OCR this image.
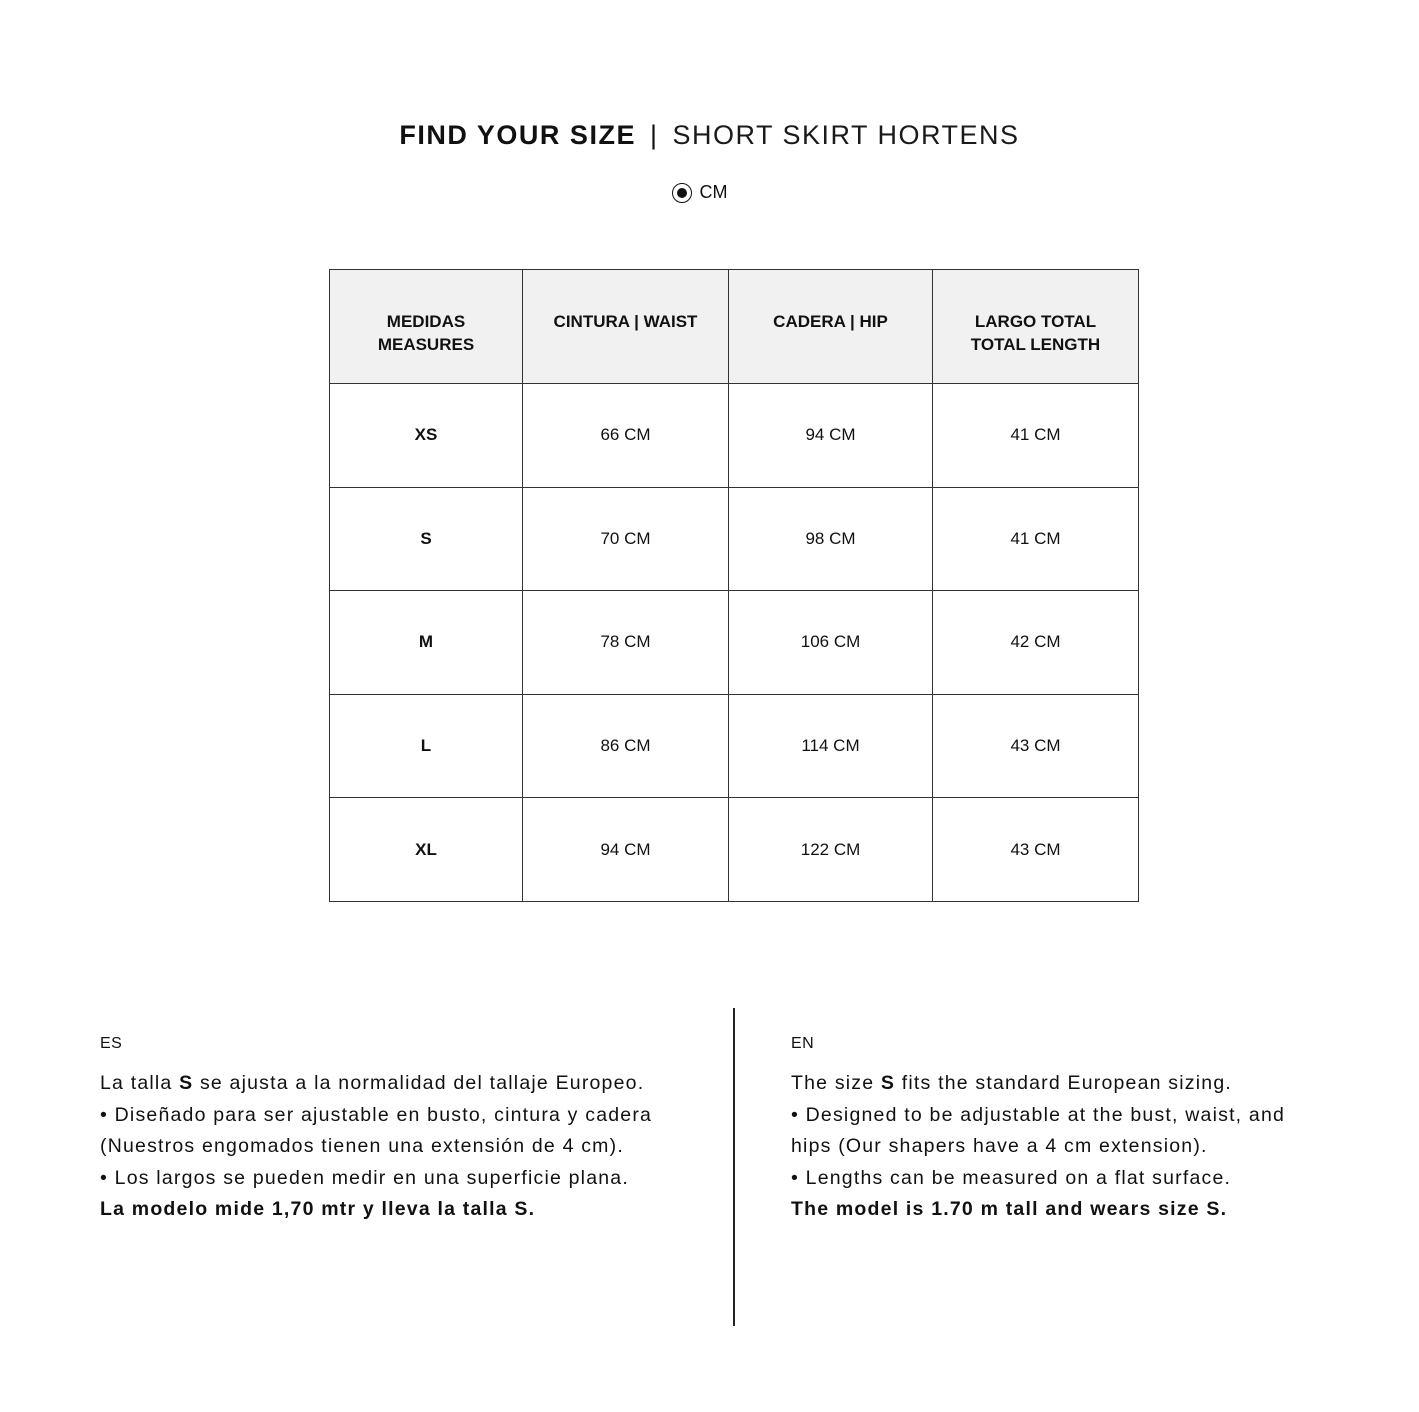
FIND YOUR SIZE | SHORT SKIRT HORTENS
CM
MEDIDAS
MEASURES	CINTURA | WAIST	CADERA | HIP	LARGO TOTAL
TOTAL LENGTH

XS	66 CM	94 CM	41 CM
S	70 CM	98 CM	41 CM
M	78 CM	106 CM	42 CM
L	86 CM	114 CM	43 CM
XL	94 CM	122 CM	43 CM
ES

La talla S se ajusta a la normalidad del tallaje Europeo.

• Diseñado para ser ajustable en busto, cintura y cadera

(Nuestros engomados tienen una extensión de 4 cm).

• Los largos se pueden medir en una superficie plana.

La modelo mide 1,70 mtr y lleva la talla S.

EN

The size S fits the standard European sizing.

• Designed to be adjustable at the bust, waist, and

hips (Our shapers have a 4 cm extension).

• Lengths can be measured on a flat surface.

The model is 1.70 m tall and wears size S.
